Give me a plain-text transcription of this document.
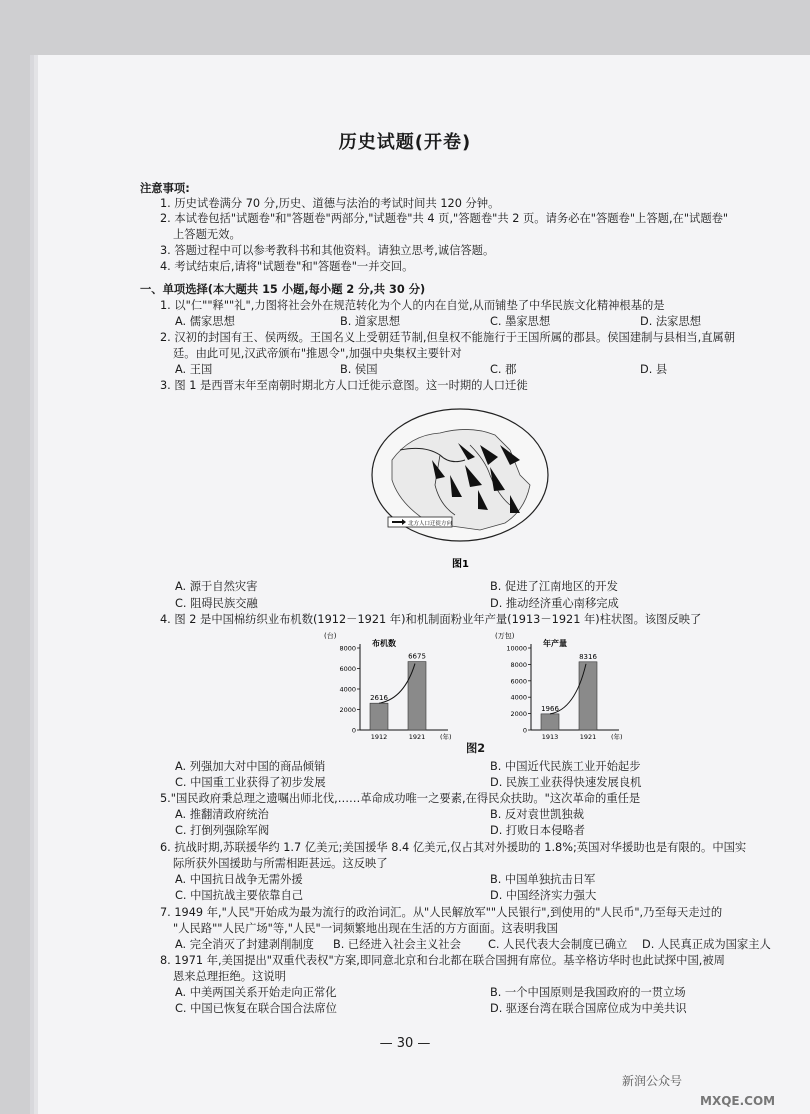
历史试题(开卷)
注意事项:
1. 历史试卷满分 70 分,历史、道德与法治的考试时间共 120 分钟。
2. 本试卷包括"试题卷"和"答题卷"两部分,"试题卷"共 4 页,"答题卷"共 2 页。请务必在"答题卷"上答题,在"试题卷"
上答题无效。
3. 答题过程中可以参考教科书和其他资料。请独立思考,诚信答题。
4. 考试结束后,请将"试题卷"和"答题卷"一并交回。
一、单项选择(本大题共 15 小题,每小题 2 分,共 30 分)
1. 以"仁""释""礼",力图将社会外在规范转化为个人的内在自觉,从而铺垫了中华民族文化精神根基的是
A. 儒家思想	B. 道家思想	C. 墨家思想	D. 法家思想
2. 汉初的封国有王、侯两级。王国名义上受朝廷节制,但皇权不能施行于王国所属的郡县。侯国建制与县相当,直属朝
廷。由此可见,汉武帝颁布"推恩令",加强中央集权主要针对
A. 王国	B. 侯国	C. 郡	D. 县
3. 图 1 是西晋末年至南朝时期北方人口迁徙示意图。这一时期的人口迁徙
北方人口迁徙方向
图1
A. 源于自然灾害	B. 促进了江南地区的开发
C. 阻碍民族交融	D. 推动经济重心南移完成
4. 图 2 是中国棉纺织业布机数(1912－1921 年)和机制面粉业年产量(1913－1921 年)柱状图。该图反映了
(台)
布机数
8000
6000
4000
2000
0
2616
1912
6675
1921 (年)
(万包)
年产量
10000
8000
6000
4000
2000
0
1966
1913
8316
1921 (年)
图2
A. 列强加大对中国的商品倾销	B. 中国近代民族工业开始起步
C. 中国重工业获得了初步发展	D. 民族工业获得快速发展良机
5."国民政府秉总理之遗嘱出师北伐,……革命成功唯一之要素,在得民众扶助。"这次革命的重任是
A. 推翻清政府统治	B. 反对袁世凯独裁
C. 打倒列强除军阀	D. 打败日本侵略者
6. 抗战时期,苏联援华约 1.7 亿美元;美国援华 8.4 亿美元,仅占其对外援助的 1.8%;英国对华援助也是有限的。中国实
际所获外国援助与所需相距甚远。这反映了
A. 中国抗日战争无需外援	B. 中国单独抗击日军
C. 中国抗战主要依靠自己	D. 中国经济实力强大
7. 1949 年,"人民"开始成为最为流行的政治词汇。从"人民解放军""人民银行",到使用的"人民币",乃至每天走过的
"人民路""人民广场"等,"人民"一词频繁地出现在生活的方方面面。这表明我国
A. 完全消灭了封建剥削制度 B. 已经进入社会主义社会 C. 人民代表大会制度已确立 D. 人民真正成为国家主人
8. 1971 年,美国提出"双重代表权"方案,即同意北京和台北都在联合国拥有席位。基辛格访华时也此试探中国,被周
恩来总理拒绝。这说明
A. 中美两国关系开始走向正常化	B. 一个中国原则是我国政府的一贯立场
C. 中国已恢复在联合国合法席位	D. 驱逐台湾在联合国席位成为中美共识
— 30 —
新润公众号
MXQE.COM
